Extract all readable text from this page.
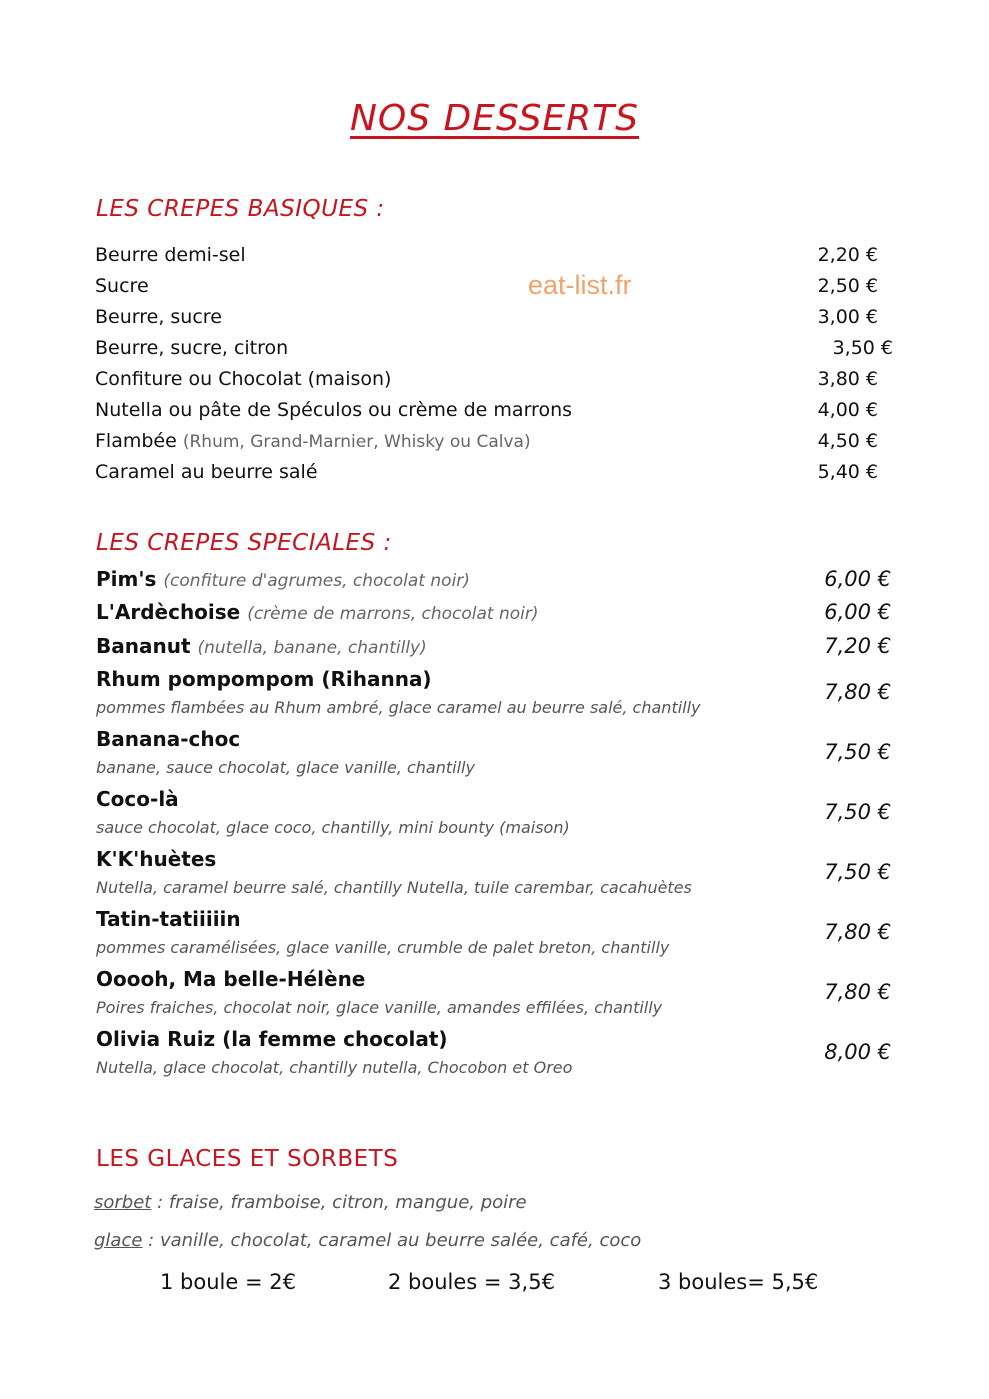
NOS DESSERTS
LES CREPES BASIQUES :
eat-list.fr
Beurre demi-sel	2,20 €
Sucre	2,50 €
Beurre, sucre	3,00 €
Beurre, sucre, citron	3,50 €
Confiture ou Chocolat (maison)	3,80 €
Nutella ou pâte de Spéculos ou crème de marrons	4,00 €
Flambée (Rhum, Grand-Marnier, Whisky ou Calva)	4,50 €
Caramel au beurre salé	5,40 €
LES CREPES SPECIALES :
Pim's (confiture d'agrumes, chocolat noir)	6,00 €
L'Ardèchoise (crème de marrons, chocolat noir)	6,00 €
Bananut (nutella, banane, chantilly)	7,20 €
Rhum pompompom (Rihanna)
pommes flambées au Rhum ambré, glace caramel au beurre salé, chantilly
7,80 €
Banana-choc
banane, sauce chocolat, glace vanille, chantilly
7,50 €
Coco-là
sauce chocolat, glace coco, chantilly, mini bounty (maison)
7,50 €
K'K'huètes
Nutella, caramel beurre salé, chantilly Nutella, tuile carembar, cacahuètes
7,50 €
Tatin-tatiiiiin
pommes caramélisées, glace vanille, crumble de palet breton, chantilly
7,80 €
Ooooh, Ma belle-Hélène
Poires fraiches, chocolat noir, glace vanille, amandes effilées, chantilly
7,80 €
Olivia Ruiz (la femme chocolat)
Nutella, glace chocolat, chantilly nutella, Chocobon et Oreo
8,00 €
LES GLACES ET SORBETS
sorbet : fraise, framboise, citron, mangue, poire
glace : vanille, chocolat, caramel au beurre salée, café, coco
1 boule = 2€	2 boules = 3,5€	3 boules= 5,5€
